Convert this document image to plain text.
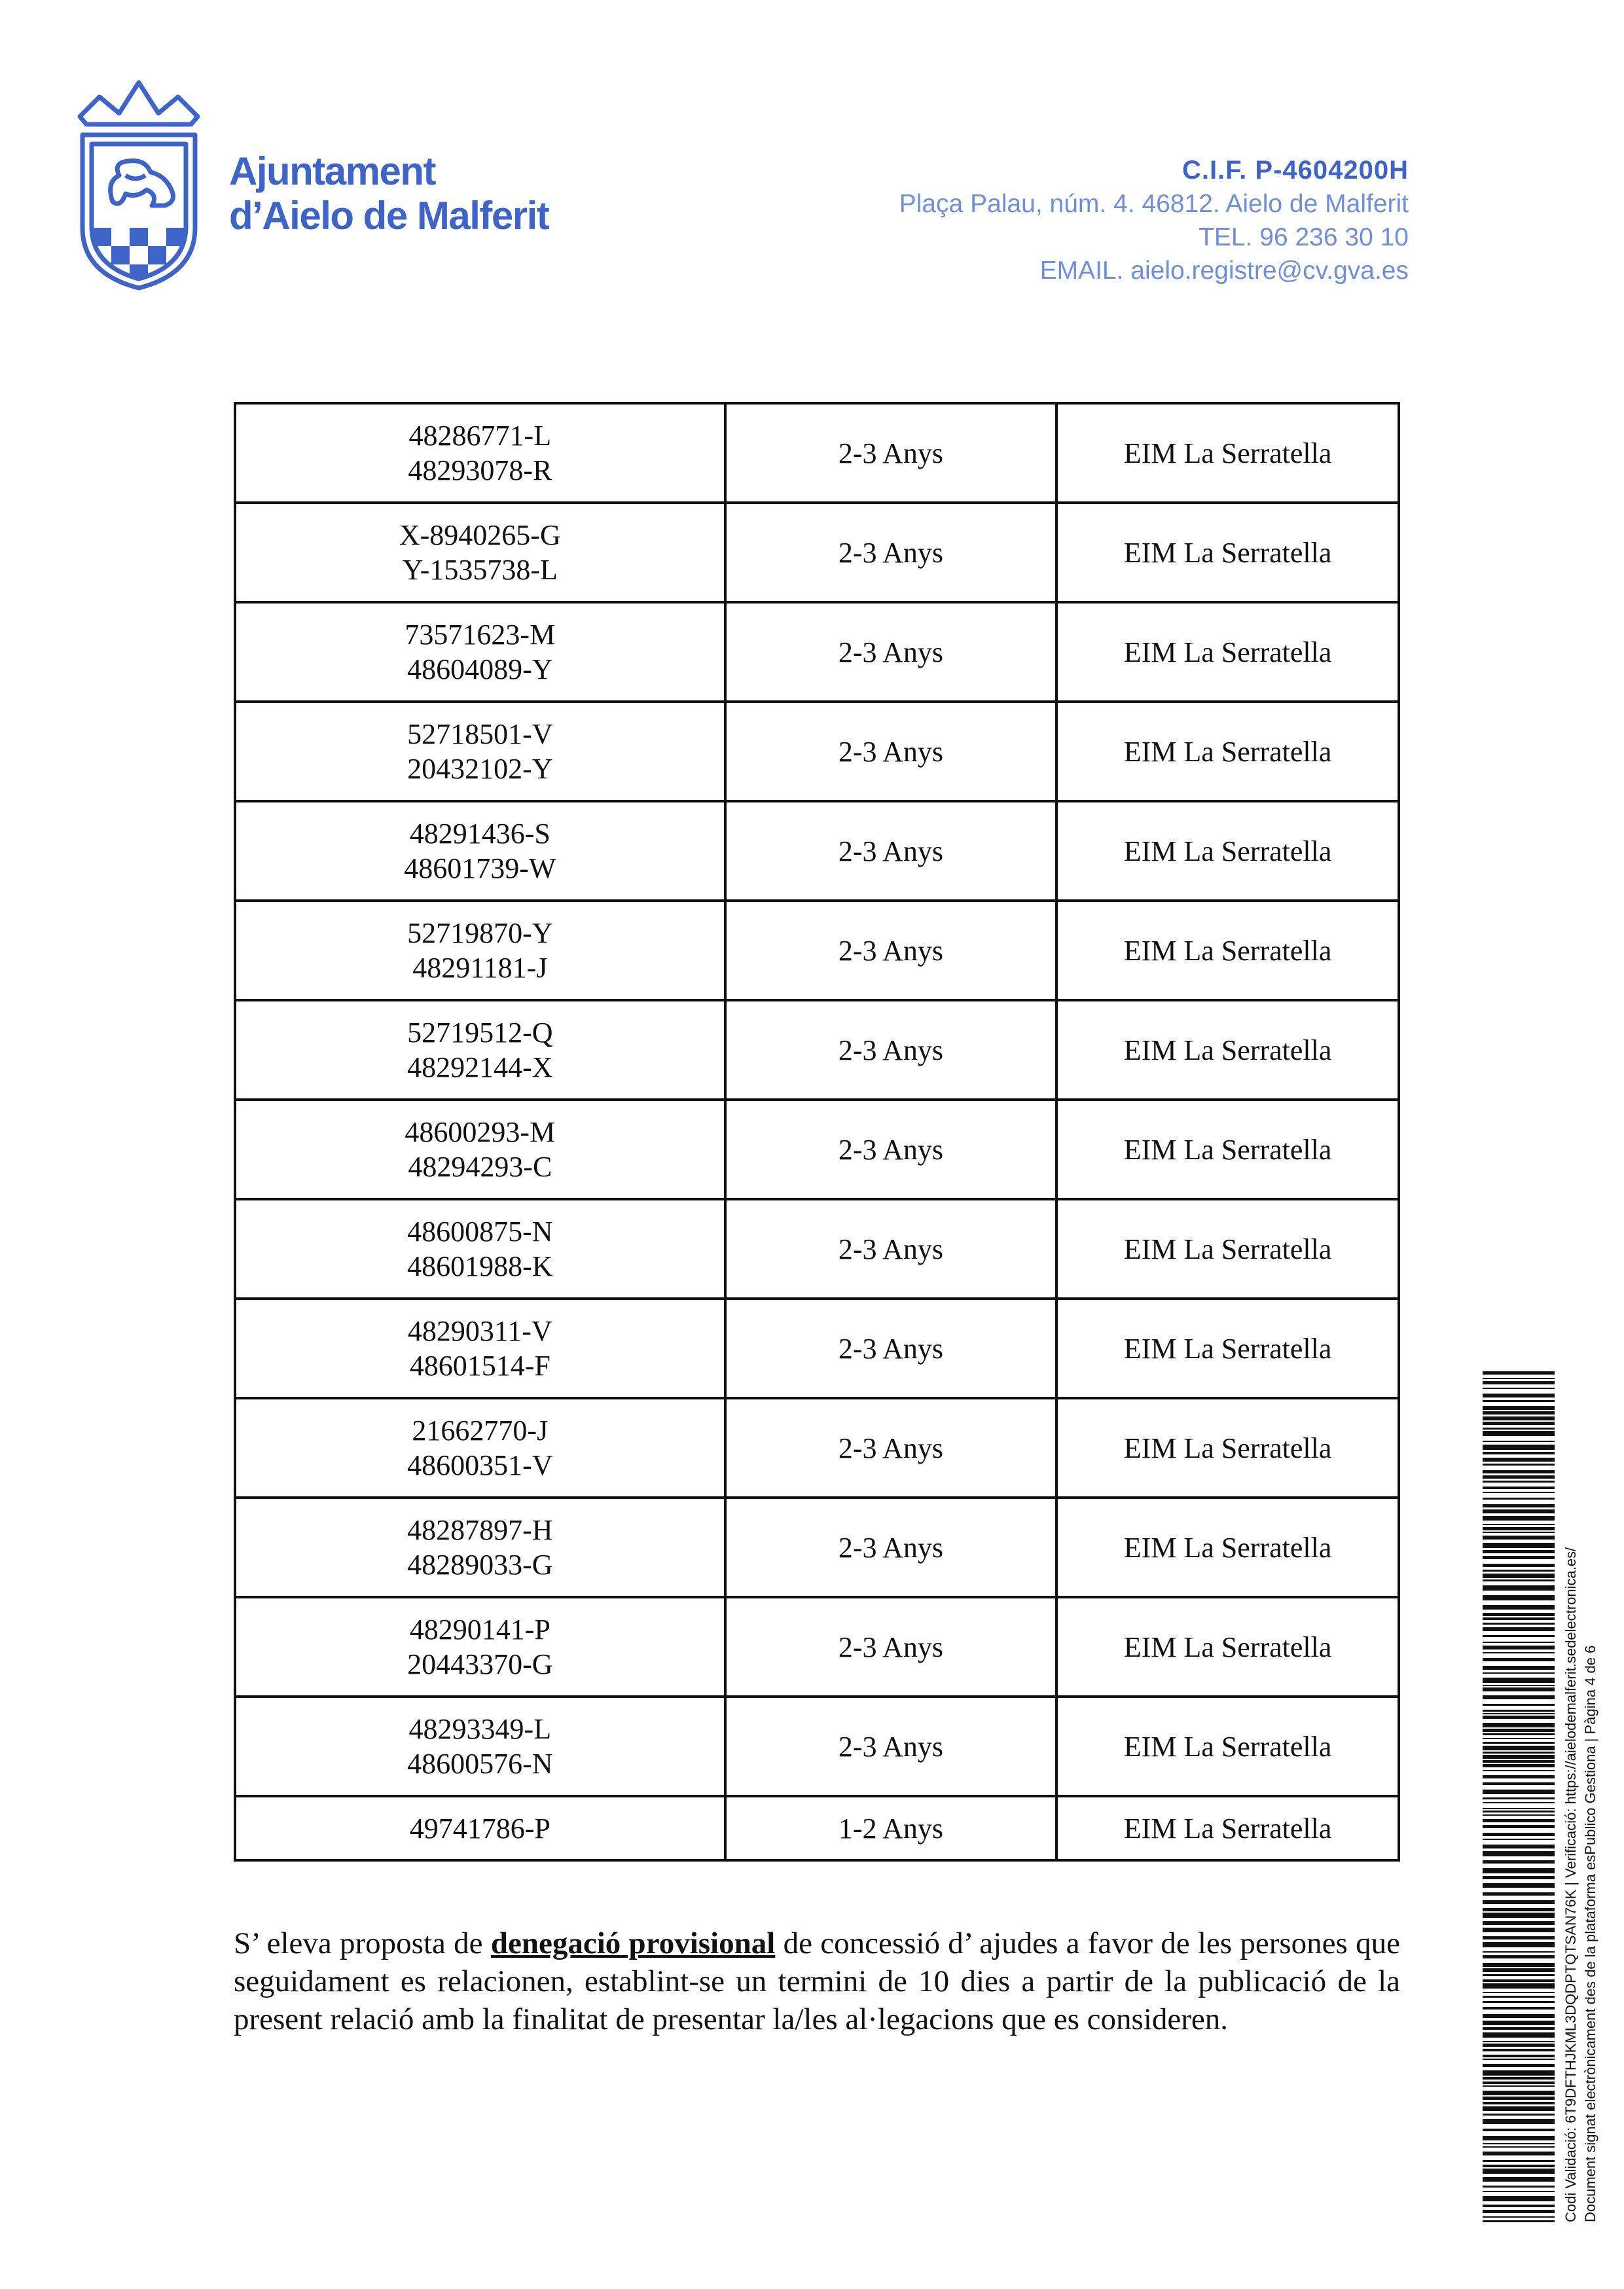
Ajuntament
d’Aielo de Malferit
C.I.F. P-4604200H
Plaça Palau, núm. 4. 46812. Aielo de Malferit
TEL. 96 236 30 10
EMAIL. aielo.registre@cv.gva.es
48286771-L
48293078-R	2-3 Anys	EIM La Serratella

X-8940265-G
Y-1535738-L	2-3 Anys	EIM La Serratella

73571623-M
48604089-Y	2-3 Anys	EIM La Serratella

52718501-V
20432102-Y	2-3 Anys	EIM La Serratella

48291436-S
48601739-W	2-3 Anys	EIM La Serratella

52719870-Y
48291181-J	2-3 Anys	EIM La Serratella

52719512-Q
48292144-X	2-3 Anys	EIM La Serratella

48600293-M
48294293-C	2-3 Anys	EIM La Serratella

48600875-N
48601988-K	2-3 Anys	EIM La Serratella

48290311-V
48601514-F	2-3 Anys	EIM La Serratella

21662770-J
48600351-V	2-3 Anys	EIM La Serratella

48287897-H
48289033-G	2-3 Anys	EIM La Serratella

48290141-P
20443370-G	2-3 Anys	EIM La Serratella

48293349-L
48600576-N	2-3 Anys	EIM La Serratella

49741786-P	1-2 Anys	EIM La Serratella

S’ eleva proposta de denegació provisional de concessió d’ ajudes a favor de les persones que seguidament es relacionen, establint-se un termini de 10 dies a partir de la publicació de la present relació amb la finalitat de presentar la/les al·legacions que es consideren.	Codi Validació: 6T9DFTHJKML3DQDPTQTSAN76K | Verificació: https://aielodemalferit.sedelectronica.es/ Document signat electrònicament des de la plataforma esPublico Gestiona | Pàgina 4 de 6
